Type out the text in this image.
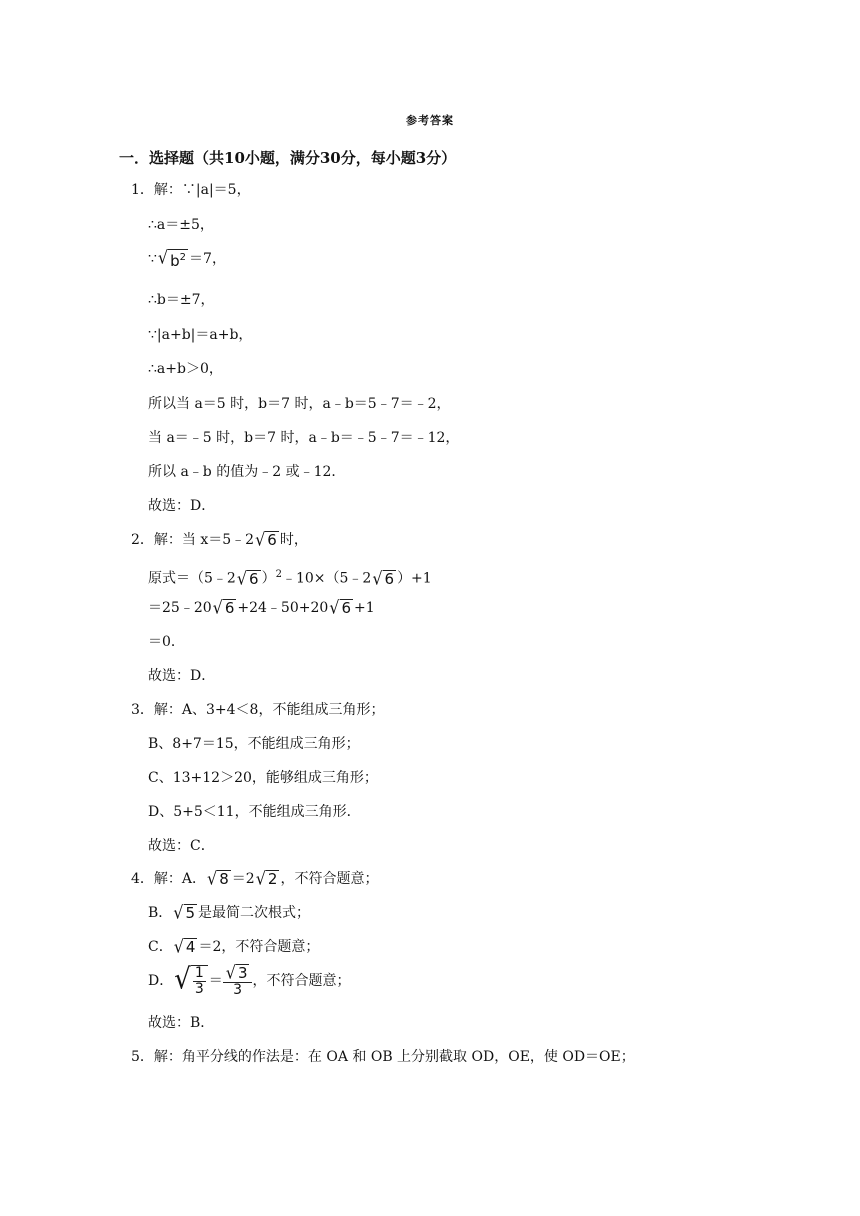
参考答案
一．选择题（共10小题，满分30分，每小题3分）
1．解：∵|a|＝5，
∴a＝±5，
∵ √ $b^2 =7$，
∴b＝±7，
∵|a+b|＝a+b，
∴a+b＞0，
所以当 a＝5 时，b＝7 时，a﹣b＝5﹣7＝﹣2，
当 a＝﹣5 时，b＝7 时，a﹣b＝﹣5﹣7＝﹣12，
所以 a﹣b 的值为﹣2 或﹣12．
故选：D．
2．解：当 x＝5﹣2 √ 6 时，
原式＝（5﹣2 √ 6 ）$^2$﹣10×（5﹣2 √ 6 ）+1
＝25﹣20 √ 6 +24﹣50+20 √ 6 +1
＝0．
故选：D．
3．解：A、3+4＜8，不能组成三角形；
B、8+7＝15，不能组成三角形；
C、13+12＞20，能够组成三角形；
D、5+5＜11，不能组成三角形．
故选：C．
4．解：A． √ 8 ＝2 √ 2 ，不符合题意；
B． √ 5 是最简二次根式；
C． √ 4 ＝2，不符合题意；
D． √ $\frac{1}{3} = \frac{√ 3}{3}$ ，不符合题意；
故选：B．
5．解：角平分线的作法是：在 OA 和 OB 上分别截取 OD，OE，使 OD＝OE；
